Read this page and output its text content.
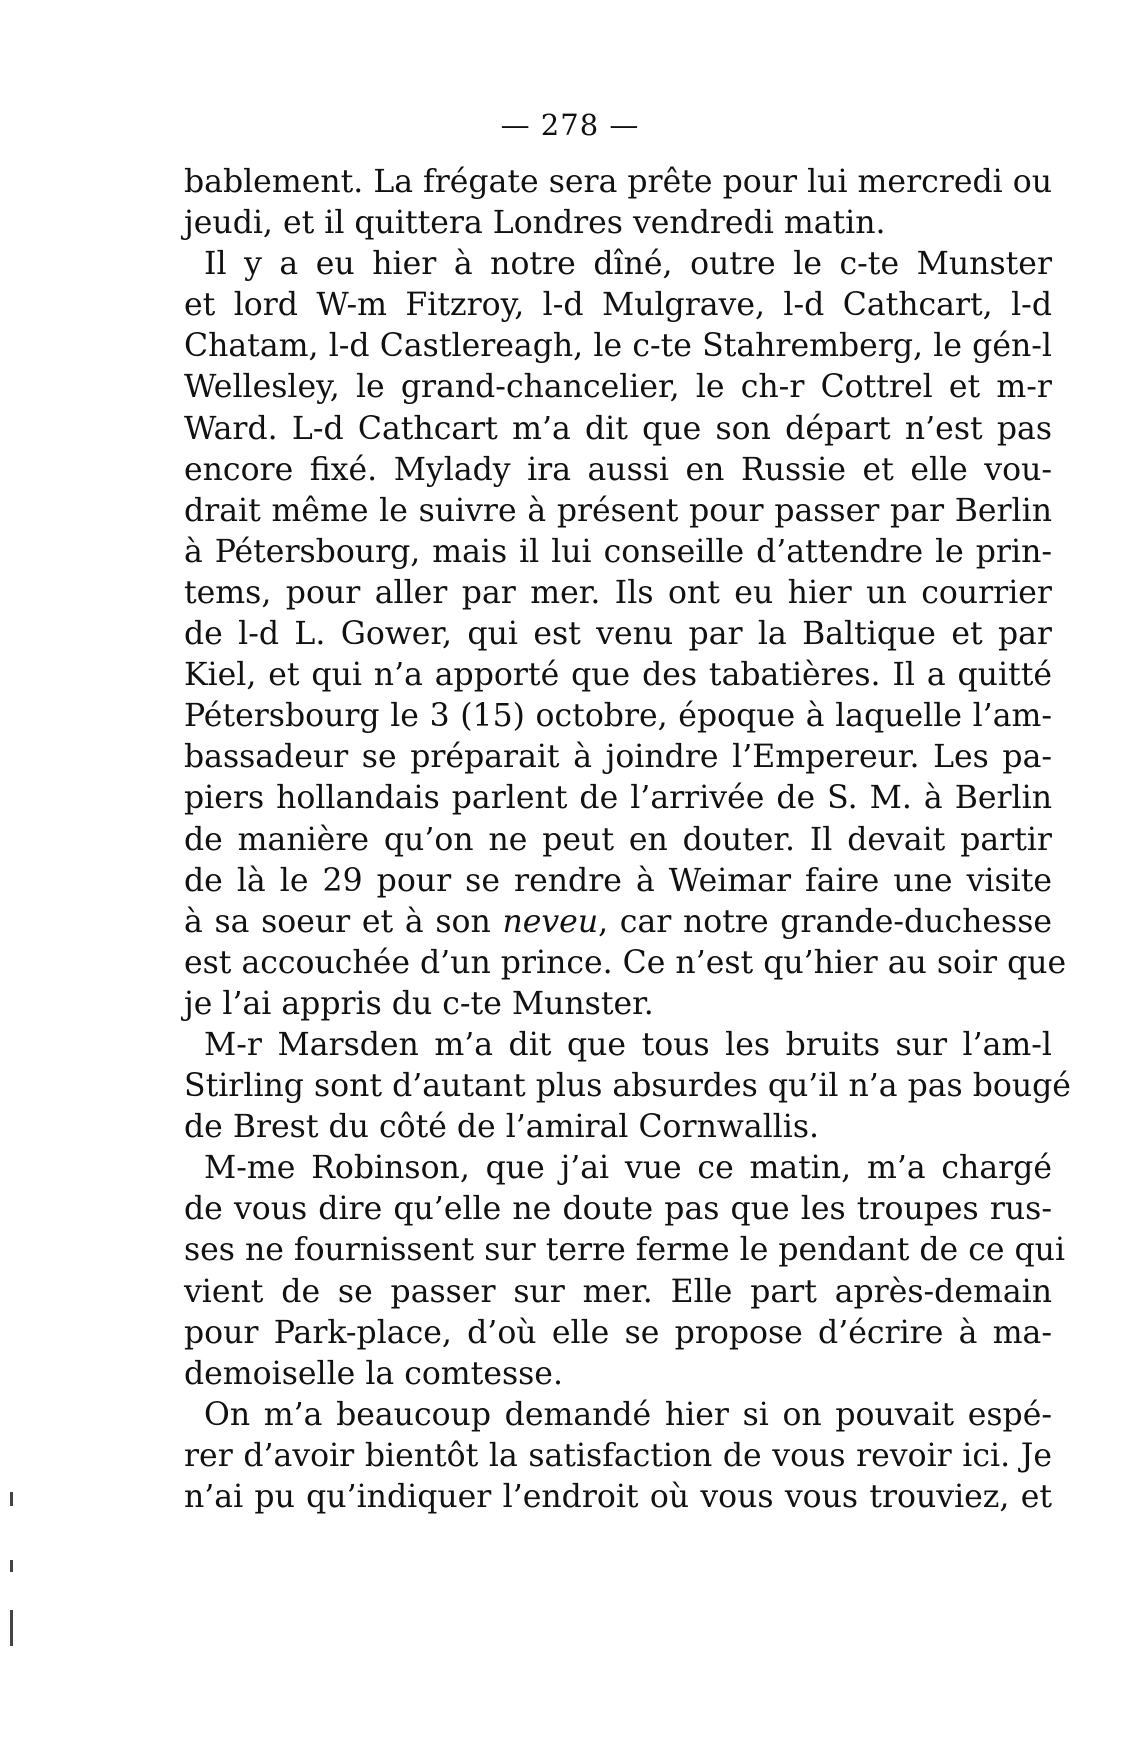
— 278 —
bablement. La frégate sera prête pour lui mercredi ou
jeudi, et il quittera Londres vendredi matin.
Il y a eu hier à notre dîné, outre le c-te Munster
et lord W-m Fitzroy, l-d Mulgrave, l-d Cathcart, l-d
Chatam, l-d Castlereagh, le c-te Stahremberg, le gén-l
Wellesley, le grand-chancelier, le ch-r Cottrel et m-r
Ward. L-d Cathcart m’a dit que son départ n’est pas
encore fixé. Mylady ira aussi en Russie et elle vou-
drait même le suivre à présent pour passer par Berlin
à Pétersbourg, mais il lui conseille d’attendre le prin-
tems, pour aller par mer. Ils ont eu hier un courrier
de l-d L. Gower, qui est venu par la Baltique et par
Kiel, et qui n’a apporté que des tabatières. Il a quitté
Pétersbourg le 3 (15) octobre, époque à laquelle l’am-
bassadeur se préparait à joindre l’Empereur. Les pa-
piers hollandais parlent de l’arrivée de S. M. à Berlin
de manière qu’on ne peut en douter. Il devait partir
de là le 29 pour se rendre à Weimar faire une visite
à sa soeur et à son neveu, car notre grande-duchesse
est accouchée d’un prince. Ce n’est qu’hier au soir que
je l’ai appris du c-te Munster.
M-r Marsden m’a dit que tous les bruits sur l’am-l
Stirling sont d’autant plus absurdes qu’il n’a pas bougé
de Brest du côté de l’amiral Cornwallis.
M-me Robinson, que j’ai vue ce matin, m’a chargé
de vous dire qu’elle ne doute pas que les troupes rus-
ses ne fournissent sur terre ferme le pendant de ce qui
vient de se passer sur mer. Elle part après-demain
pour Park-place, d’où elle se propose d’écrire à ma-
demoiselle la comtesse.
On m’a beaucoup demandé hier si on pouvait espé-
rer d’avoir bientôt la satisfaction de vous revoir ici. Je
n’ai pu qu’indiquer l’endroit où vous vous trouviez, et
